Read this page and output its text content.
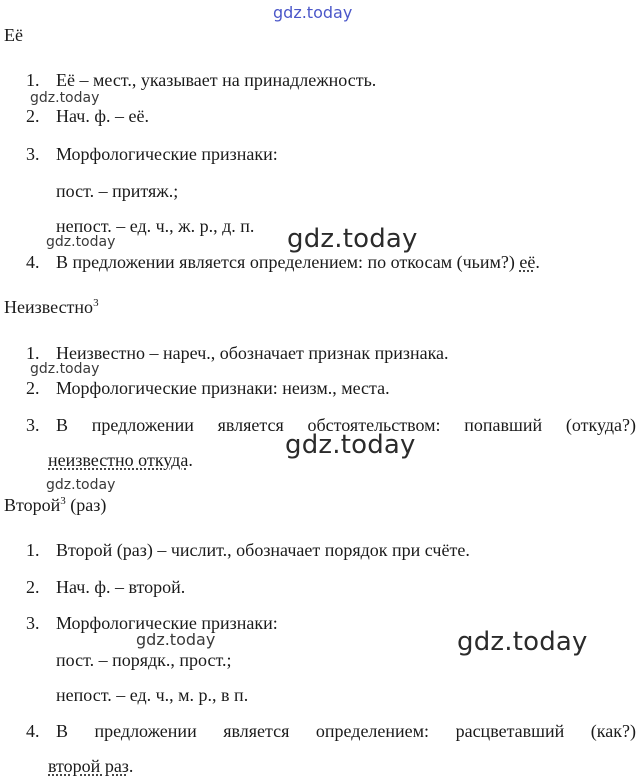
gdz.today
Её
1. Её – мест., указывает на принадлежность.
gdz.today
2. Нач. ф. – её.
3. Морфологические признаки:
пост. – притяж.;
непост. – ед. ч., ж. р., д. п.
gdz.today	gdz.today
4. В предложении является определением: по откосам (чьим?) её.
Неизвестно$^3$
1. Неизвестно – нареч., обозначает признак признака.
gdz.today
2. Морфологические признаки: неизм., места.
3. В предложении является обстоятельством: попавший (откуда?)
gdz.today
неизвестно откуда.
gdz.today
Второй$^3$ (раз)
1. Второй (раз) – числит., обозначает порядок при счёте.
2. Нач. ф. – второй.
3. Морфологические признаки:
gdz.today	gdz.today
пост. – порядк., прост.;
непост. – ед. ч., м. р., в п.
4. В предложении является определением: расцветавший (как?)
второй раз.
